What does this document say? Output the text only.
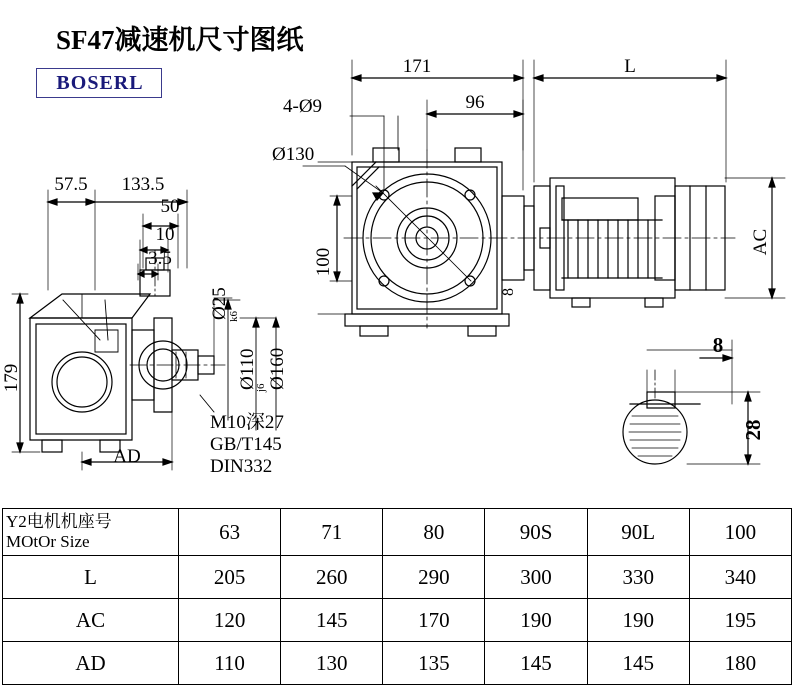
SF47减速机尺寸图纸
BOSERL
171	L
96
4-Ø9
Ø130
100
8
AC
57.5 133.5
50
10
3.5
Ø25
k6
Ø110
j6 Ø160
179
AD
M10深27
GB/T145
DIN332
8
28
Y2电机机座号
MOtOr Size	63	71	80	90S	90L	100
L	205	260	290	300	330	340
AC	120	145	170	190	190	195
AD	110	130	135	145	145	180
